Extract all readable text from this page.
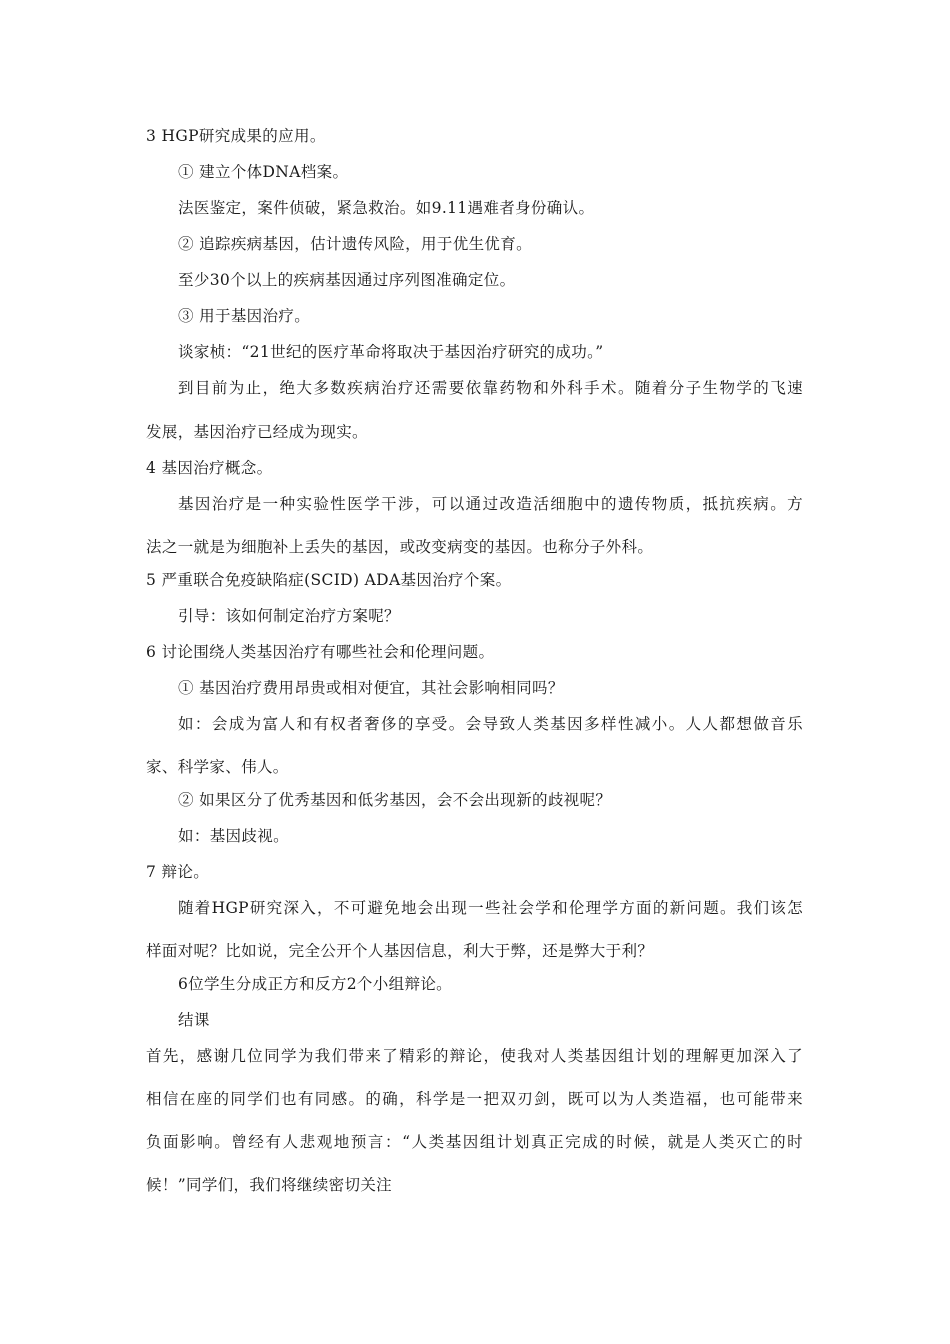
3 HGP研究成果的应用。
① 建立个体DNA档案。
法医鉴定，案件侦破，紧急救治。如9.11遇难者身份确认。
② 追踪疾病基因，估计遗传风险，用于优生优育。
至少30个以上的疾病基因通过序列图准确定位。
③ 用于基因治疗。
谈家桢：“21世纪的医疗革命将取决于基因治疗研究的成功。”
到目前为止，绝大多数疾病治疗还需要依靠药物和外科手术。随着分子生物学的飞速
发展，基因治疗已经成为现实。
4 基因治疗概念。
基因治疗是一种实验性医学干涉，可以通过改造活细胞中的遗传物质，抵抗疾病。方
法之一就是为细胞补上丢失的基因，或改变病变的基因。也称分子外科。
5 严重联合免疫缺陷症(SCID) ADA基因治疗个案。
引导：该如何制定治疗方案呢？
6 讨论围绕人类基因治疗有哪些社会和伦理问题。
① 基因治疗费用昂贵或相对便宜，其社会影响相同吗？
如：会成为富人和有权者奢侈的享受。会导致人类基因多样性减小。人人都想做音乐
家、科学家、伟人。
② 如果区分了优秀基因和低劣基因，会不会出现新的歧视呢？
如：基因歧视。
7 辩论。
随着HGP研究深入，不可避免地会出现一些社会学和伦理学方面的新问题。我们该怎
样面对呢？比如说，完全公开个人基因信息，利大于弊，还是弊大于利？
6位学生分成正方和反方2个小组辩论。
结课
首先，感谢几位同学为我们带来了精彩的辩论，使我对人类基因组计划的理解更加深入了
相信在座的同学们也有同感。的确，科学是一把双刃剑，既可以为人类造福，也可能带来
负面影响。曾经有人悲观地预言：“人类基因组计划真正完成的时候，就是人类灭亡的时
候！”同学们，我们将继续密切关注
